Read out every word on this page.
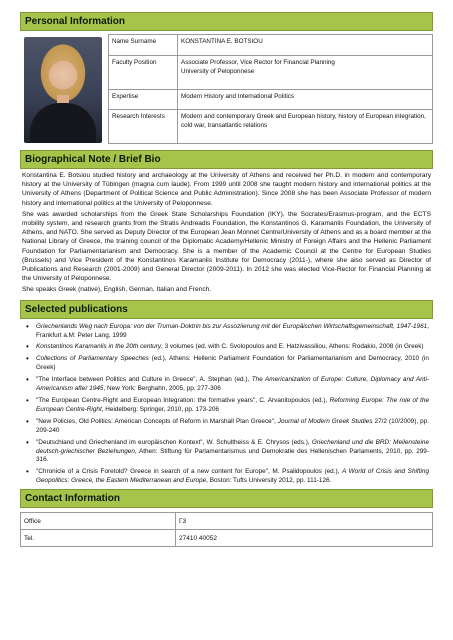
Personal Information
Name Surname	KONSTANTINA E. BOTSIOU
Faculty Position	Associate Professor, Vice Rector for Financial Planning
University of Peloponnese

Expertise	Modern History and International Politics
Research Interests	Modern and contemporary Greek and European history, history of European integration, cold war, transatlantic relations
Biographical Note / Brief Bio

Konstantina E. Botsiou studied history and archaeology at the University of Athens and received her Ph.D. in modern and contemporary history at the University of Tübingen (magna cum laude). From 1999 until 2008 she taught modern history and international politics at the University of Athens (Department of Political Science and Public Administration). Since 2008 she has been Associate Professor of modern history and international politics at the University of Peloponnese.

She was awarded scholarships from the Greek State Scholarships Foundation (IKY), the Socrates/Erasmus-program, and the ECTS mobility system, and research grants from the Stratis Andreadis Foundation, the Konstantinos G. Karamanlis Foundation, the University of Athens, and NATO. She served as Deputy Director of the European Jean Monnet Centre/University of Athens and as a board member at the National Library of Greece, the training council of the Diplomatic Academy/Hellenic Ministry of Foreign Affairs and the Hellenic Parliament Foundation for Parliamentarianism and Democracy. She is a member of the Academic Council at the Centre for European Studies (Brussels) and Vice President of the Konstantinos Karamanlis Institute for Democracy (2011-), where she also served as Director of Publications and Research (2001-2009) and General Director (2009-2011). In 2012 she was elected Vice-Rector for Financial Planning at the University of Peloponnese.

She speaks Greek (native), English, German, Italian and French.

Selected publications
• Griechenlands Weg nach Europa: von der Truman-Doktrin bis zur Assoziierung mit der Europäischen Wirtschaftsgemeinschaft, 1947-1961, Frankfurt a.M: Peter Lang, 1999
• Konstantinos Karamanlis in the 20th century, 3 volumes (ed. with C. Svolopoulos and E. Hatzivassiliou, Athens: Rodakio, 2008 (in Greek)
• Collections of Parliamentary Speeches (ed.), Athens: Hellenic Parliament Foundation for Parliamentarianism and Democracy, 2010 (in Greek)
• "The Interface between Politics and Culture in Greece", A. Stephan (ed.), The Americanization of Europe: Culture, Diplomacy and Anti-Americanism after 1945, New York: Berghahn, 2005, pp. 277-306
• "The European Centre-Right and European Integration: the formative years", C. Arvanitopoulos (ed.), Reforming Europe: The role of the European Centre-Right, Heidelberg: Springer, 2010, pp. 173-206
• "New Policies, Old Politics: American Concepts of Reform in Marshall Plan Greece", Journal of Modern Greek Studies 27/2 (10/2009), pp. 209-240
• "Deutschland und Griechenland im europäischen Kontext", W. Schultheiss & E. Chrysos (eds.), Griechenland und die BRD: Meilensteine deutsch-griechischer Beziehungen, Athen: Stiftung für Parlamentarismus und Demokratie des Hellenischen Parlaments, 2010, pp. 299-316.
• "Chronicle of a Crisis Foretold? Greece in search of a new content for Europe", M. Psalidopoulos (ed.), A World of Crisis and Shifting Geopolitics: Greece, the Eastern Mediterranean and Europe, Boston: Tufts University 2012, pp. 111-126.
Contact Information
Office	Γ3
Tel.	27410 40052
